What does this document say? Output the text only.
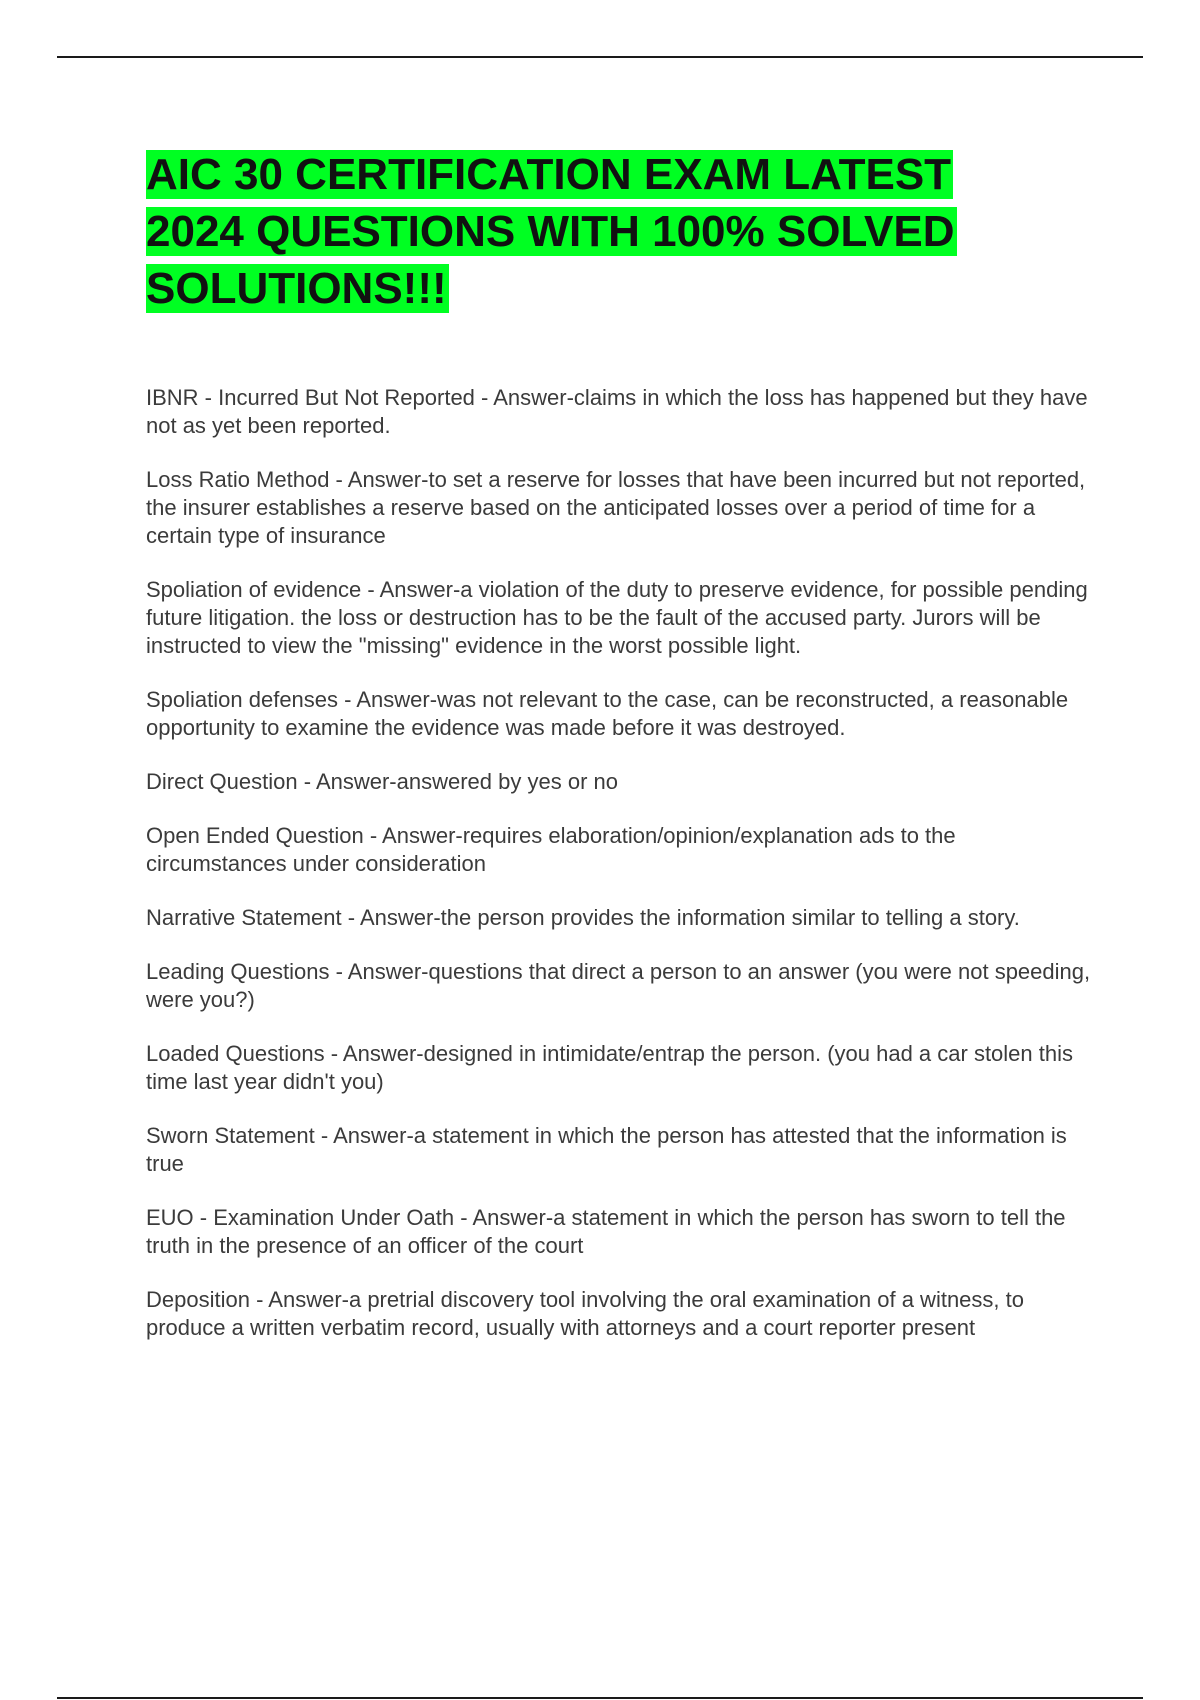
AIC 30 CERTIFICATION EXAM LATEST 2024 QUESTIONS WITH 100% SOLVED SOLUTIONS!!!

IBNR - Incurred But Not Reported - Answer-claims in which the loss has happened but they have not as yet been reported.

Loss Ratio Method - Answer-to set a reserve for losses that have been incurred but not reported, the insurer establishes a reserve based on the anticipated losses over a period of time for a certain type of insurance

Spoliation of evidence - Answer-a violation of the duty to preserve evidence, for possible pending future litigation. the loss or destruction has to be the fault of the accused party. Jurors will be instructed to view the "missing" evidence in the worst possible light.

Spoliation defenses - Answer-was not relevant to the case, can be reconstructed, a reasonable opportunity to examine the evidence was made before it was destroyed.

Direct Question - Answer-answered by yes or no

Open Ended Question - Answer-requires elaboration/opinion/explanation ads to the circumstances under consideration

Narrative Statement - Answer-the person provides the information similar to telling a story.

Leading Questions - Answer-questions that direct a person to an answer (you were not speeding, were you?)

Loaded Questions - Answer-designed in intimidate/entrap the person. (you had a car stolen this time last year didn't you)

Sworn Statement - Answer-a statement in which the person has attested that the information is true

EUO - Examination Under Oath - Answer-a statement in which the person has sworn to tell the truth in the presence of an officer of the court

Deposition - Answer-a pretrial discovery tool involving the oral examination of a witness, to produce a written verbatim record, usually with attorneys and a court reporter present
